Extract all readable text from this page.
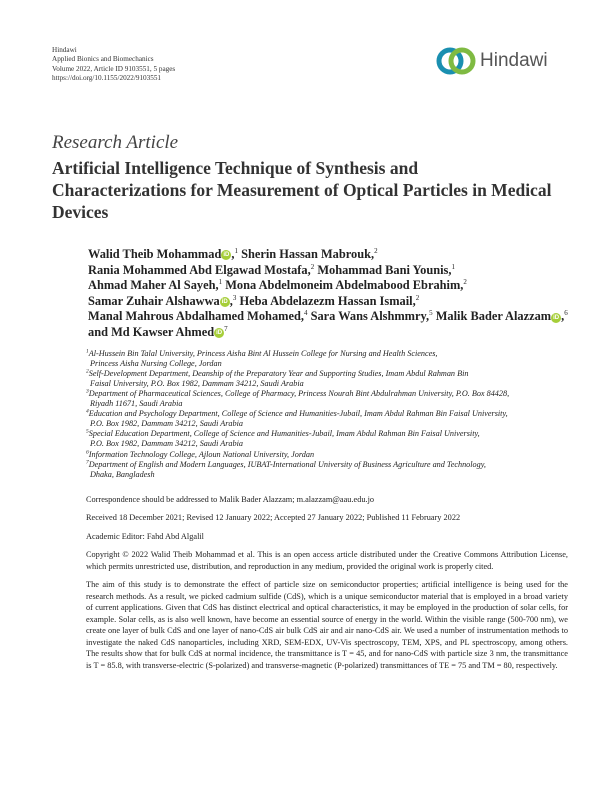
Hindawi
Applied Bionics and Biomechanics
Volume 2022, Article ID 9103551, 5 pages
https://doi.org/10.1155/2022/9103551
Hindawi
Research Article
Artificial Intelligence Technique of Synthesis and Characterizations for Measurement of Optical Particles in Medical Devices
Walid Theib Mohammad iD ,$^1$ Sherin Hassan Mabrouk,$^2$
Rania Mohammed Abd Elgawad Mostafa,$^2$ Mohammad Bani Younis,$^1$
Ahmad Maher Al Sayeh,$^1$ Mona Abdelmoneim Abdelmabood Ebrahim,$^2$
Samar Zuhair Alshawwa iD ,$^3$ Heba Abdelazezm Hassan Ismail,$^2$
Manal Mahrous Abdalhamed Mohamed,$^4$ Sara Wans Alshmmry,$^5$ Malik Bader Alazzam iD ,$^6$
and Md Kawser Ahmed $iD^7$
$^1$Al-Hussein Bin Talal University, Princess Aisha Bint Al Hussein College for Nursing and Health Sciences,
Princess Aisha Nursing College, Jordan
$^2$Self-Development Department, Deanship of the Preparatory Year and Supporting Studies, Imam Abdul Rahman Bin
Faisal University, P.O. Box 1982, Dammam 34212, Saudi Arabia
$^3$Department of Pharmaceutical Sciences, College of Pharmacy, Princess Nourah Bint Abdulrahman University, P.O. Box 84428,
Riyadh 11671, Saudi Arabia
$^4$Education and Psychology Department, College of Science and Humanities-Jubail, Imam Abdul Rahman Bin Faisal University,
P.O. Box 1982, Dammam 34212, Saudi Arabia
$^5$Special Education Department, College of Science and Humanities-Jubail, Imam Abdul Rahman Bin Faisal University,
P.O. Box 1982, Dammam 34212, Saudi Arabia
$^6$Information Technology College, Ajloun National University, Jordan
$^7$Department of English and Modern Languages, IUBAT-International University of Business Agriculture and Technology,
Dhaka, Bangladesh
Correspondence should be addressed to Malik Bader Alazzam; m.alazzam@aau.edu.jo
Received 18 December 2021; Revised 12 January 2022; Accepted 27 January 2022; Published 11 February 2022
Academic Editor: Fahd Abd Algalil
Copyright © 2022 Walid Theib Mohammad et al. This is an open access article distributed under the Creative Commons Attribution License, which permits unrestricted use, distribution, and reproduction in any medium, provided the original work is properly cited.
The aim of this study is to demonstrate the effect of particle size on semiconductor properties; artificial intelligence is being used for the research methods. As a result, we picked cadmium sulfide (CdS), which is a unique semiconductor material that is employed in a broad variety of current applications. Given that CdS has distinct electrical and optical characteristics, it may be employed in the production of solar cells, for example. Solar cells, as is also well known, have become an essential source of energy in the world. Within the visible range (500-700 nm), we create one layer of bulk CdS and one layer of nano-CdS air bulk CdS air and air nano-CdS air. We used a number of instrumentation methods to investigate the naked CdS nanoparticles, including XRD, SEM-EDX, UV-Vis spectroscopy, TEM, XPS, and PL spectroscopy, among others. The results show that for bulk CdS at normal incidence, the transmittance is T = 45, and for nano-CdS with particle size 3 nm, the transmittance is T = 85.8, with transverse-electric (S-polarized) and transverse-magnetic (P-polarized) transmittances of TE = 75 and TM = 80, respectively.
